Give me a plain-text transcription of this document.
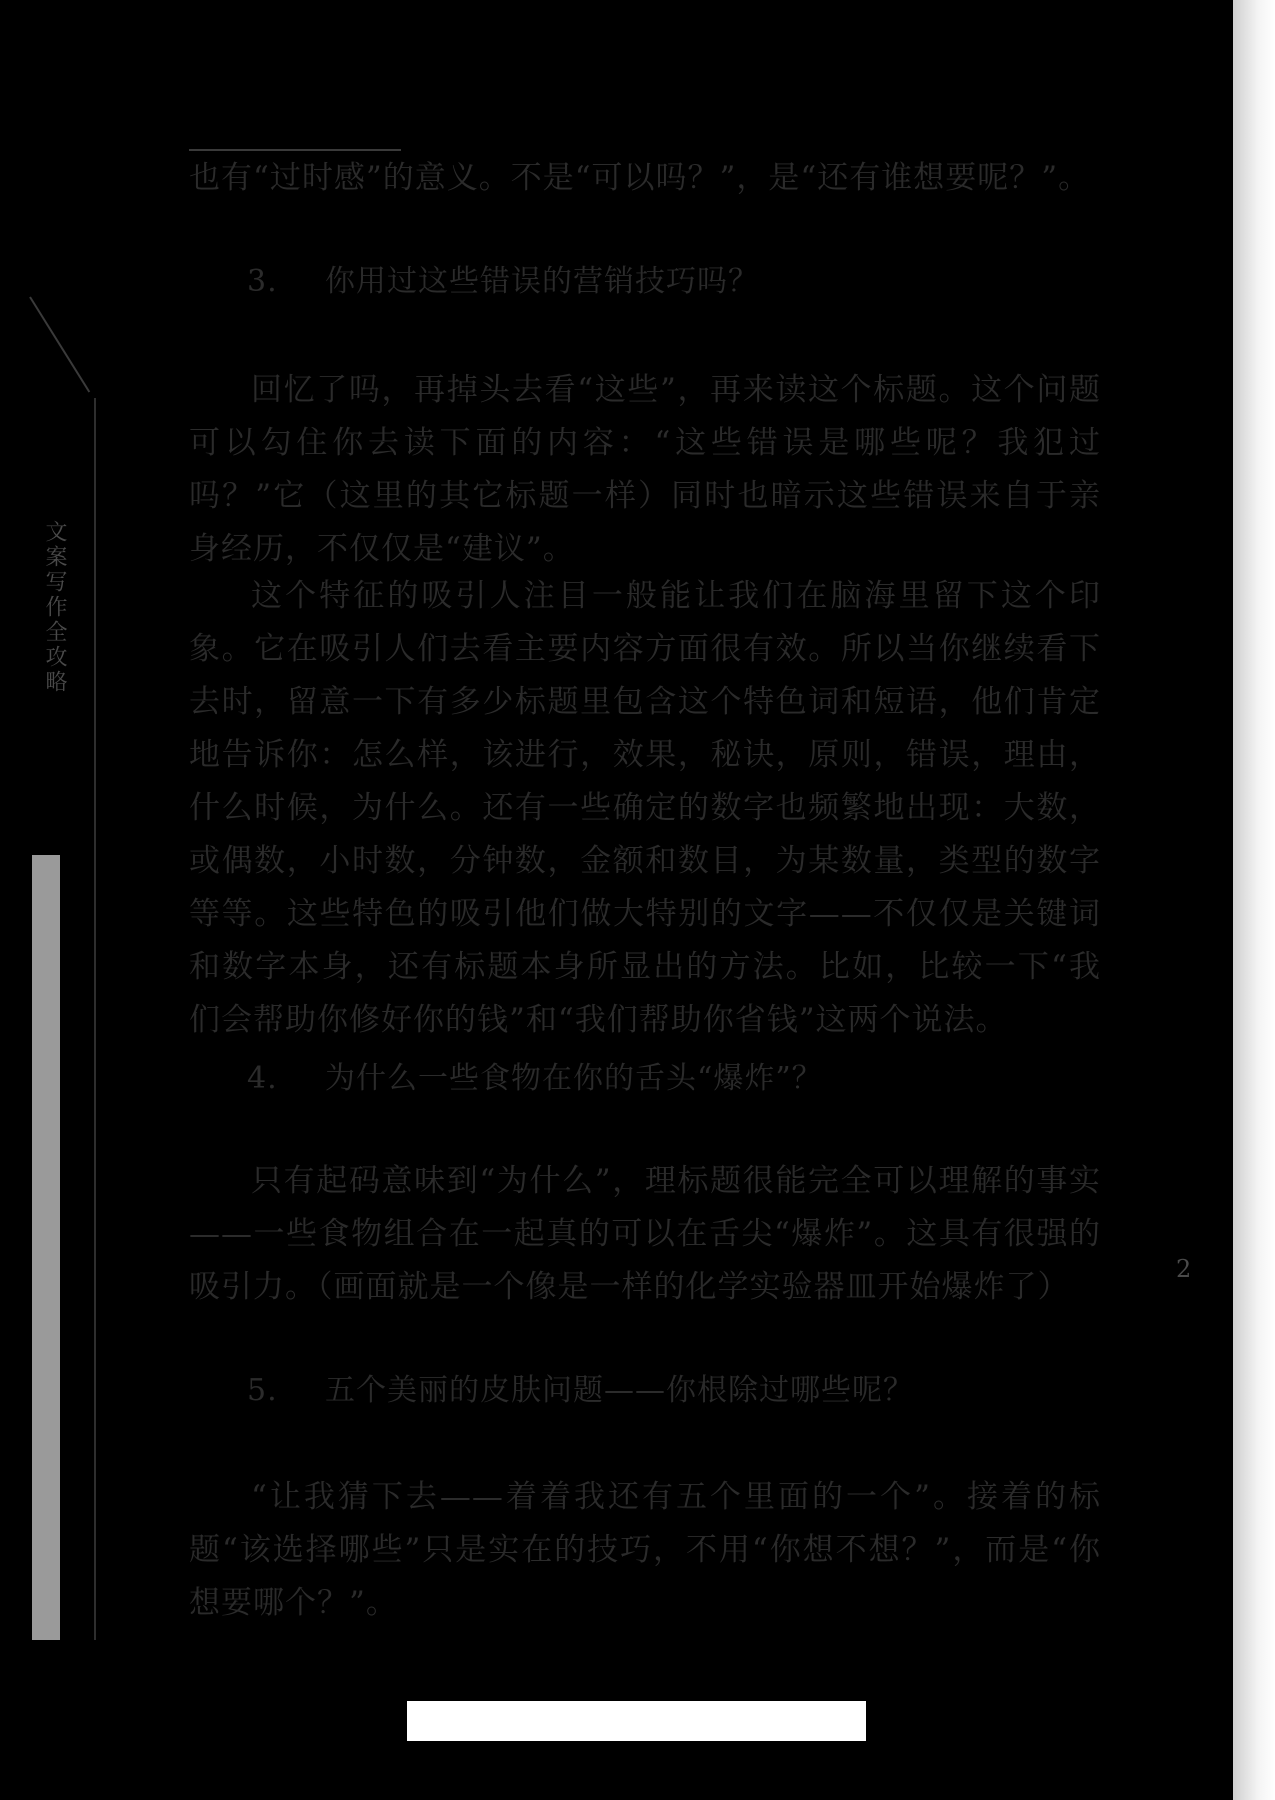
文案写作全攻略

也有“过时感”的意义。不是“可以吗？”，是“还有谁想要呢？”。

3. 你用过这些错误的营销技巧吗？

回忆了吗，再掉头去看“这些”，再来读这个标题。这个问题可以勾住你去读下面的内容：“这些错误是哪些呢？我犯过吗？”它（这里的其它标题一样）同时也暗示这些错误来自于亲身经历，不仅仅是“建议”。

这个特征的吸引人注目一般能让我们在脑海里留下这个印象。它在吸引人们去看主要内容方面很有效。所以当你继续看下去时，留意一下有多少标题里包含这个特色词和短语，他们肯定地告诉你：怎么样，该进行，效果，秘诀，原则，错误，理由，什么时候，为什么。还有一些确定的数字也频繁地出现：大数，或偶数，小时数，分钟数，金额和数目，为某数量，类型的数字等等。这些特色的吸引他们做大特别的文字——不仅仅是关键词和数字本身，还有标题本身所显出的方法。比如，比较一下“我们会帮助你修好你的钱”和“我们帮助你省钱”这两个说法。

4. 为什么一些食物在你的舌头“爆炸”？

只有起码意味到“为什么”，理标题很能完全可以理解的事实——一些食物组合在一起真的可以在舌尖“爆炸”。这具有很强的吸引力。（画面就是一个像是一样的化学实验器皿开始爆炸了）

5. 五个美丽的皮肤问题——你根除过哪些呢？

“让我猜下去——着着我还有五个里面的一个”。接着的标题“该选择哪些”只是实在的技巧，不用“你想不想？”，而是“你想要哪个？”。

2
